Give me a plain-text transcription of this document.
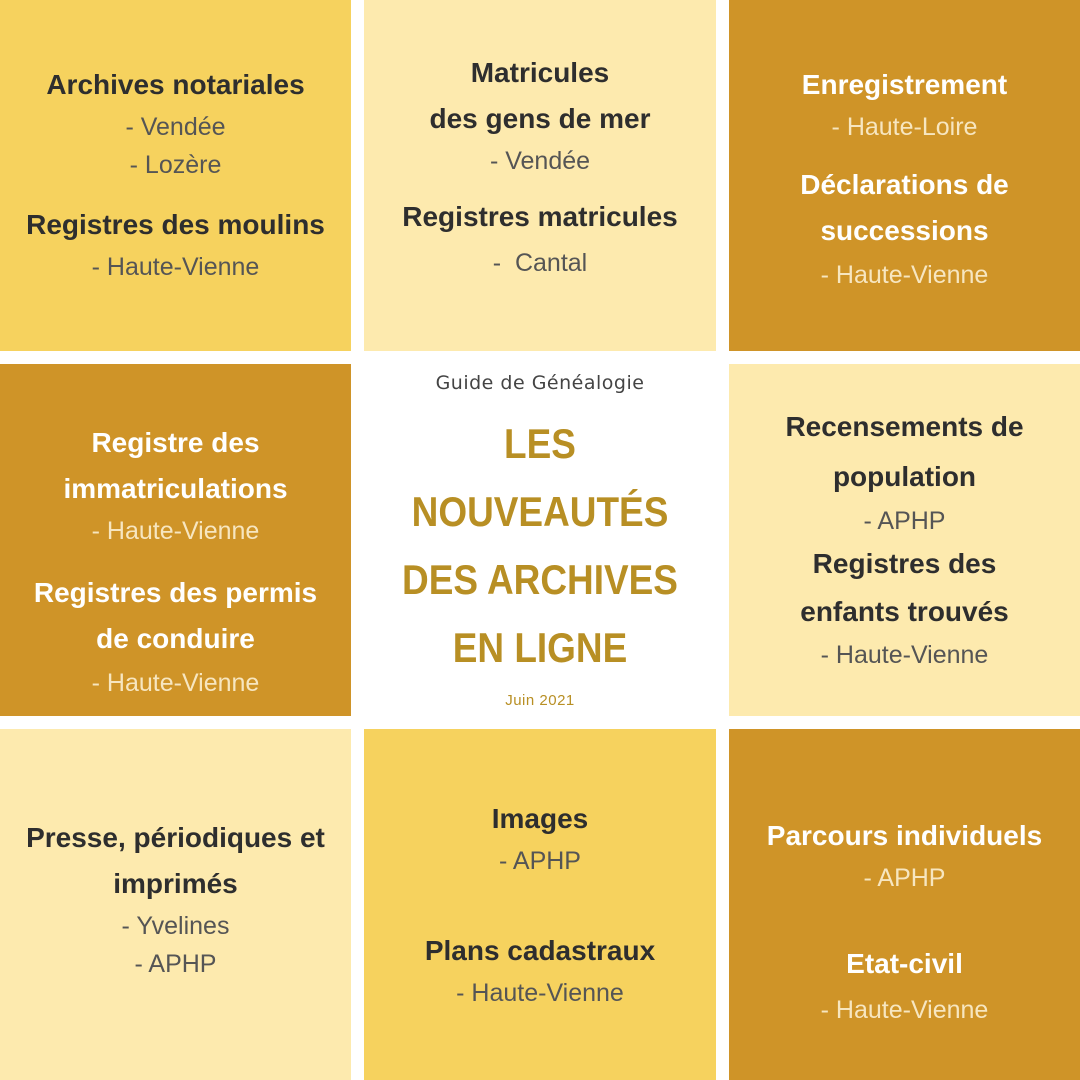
Archives notariales
- Vendée
- Lozère
Registres des moulins
- Haute-Vienne
Matricules
des gens de mer
- Vendée
Registres matricules
-  Cantal
Enregistrement
- Haute-Loire
Déclarations de
successions
- Haute-Vienne
Registre des
immatriculations
- Haute-Vienne
Registres des permis
de conduire
- Haute-Vienne
Guide de Généalogie
LES NOUVEAUTÉS
DES ARCHIVES
EN LIGNE
Juin 2021
Recensements de
population
- APHP
Registres des
enfants trouvés
- Haute-Vienne
Presse, périodiques et
imprimés
- Yvelines
- APHP
Images
- APHP
Plans cadastraux
- Haute-Vienne
Parcours individuels
- APHP
Etat-civil
- Haute-Vienne
